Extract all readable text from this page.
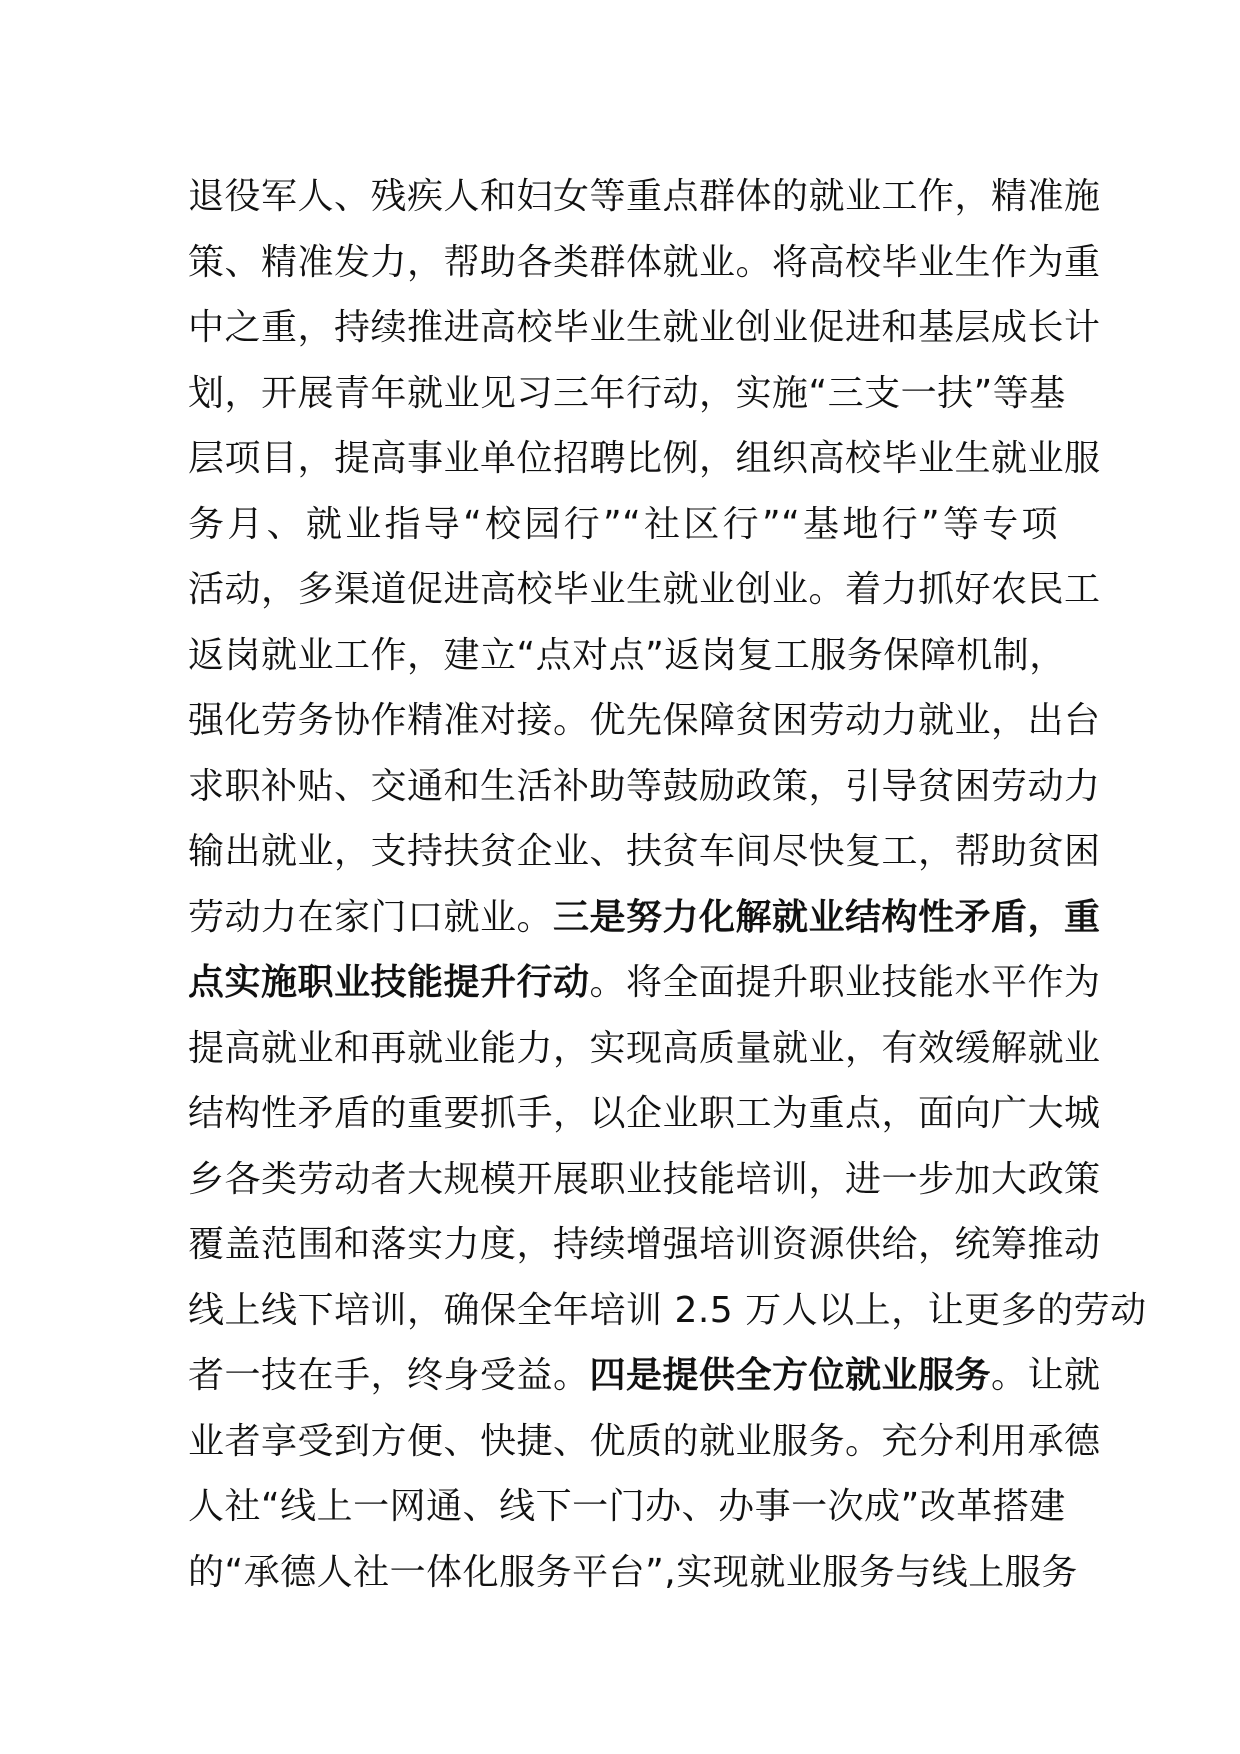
退役军人、残疾人和妇女等重点群体的就业工作，精准施
策、精准发力，帮助各类群体就业。将高校毕业生作为重
中之重，持续推进高校毕业生就业创业促进和基层成长计
划，开展青年就业见习三年行动，实施“三支一扶”等基
层项目，提高事业单位招聘比例，组织高校毕业生就业服
务月、就业指导“校园行”“社区行”“基地行”等专项
活动，多渠道促进高校毕业生就业创业。着力抓好农民工
返岗就业工作，建立“点对点”返岗复工服务保障机制，
强化劳务协作精准对接。优先保障贫困劳动力就业，出台
求职补贴、交通和生活补助等鼓励政策，引导贫困劳动力
输出就业，支持扶贫企业、扶贫车间尽快复工，帮助贫困
劳动力在家门口就业。三是努力化解就业结构性矛盾，重
点实施职业技能提升行动。将全面提升职业技能水平作为
提高就业和再就业能力，实现高质量就业，有效缓解就业
结构性矛盾的重要抓手，以企业职工为重点，面向广大城
乡各类劳动者大规模开展职业技能培训，进一步加大政策
覆盖范围和落实力度，持续增强培训资源供给，统筹推动
线上线下培训，确保全年培训 2.5 万人以上，让更多的劳动
者一技在手，终身受益。四是提供全方位就业服务。让就
业者享受到方便、快捷、优质的就业服务。充分利用承德
人社“线上一网通、线下一门办、办事一次成”改革搭建
的“承德人社一体化服务平台”,实现就业服务与线上服务
